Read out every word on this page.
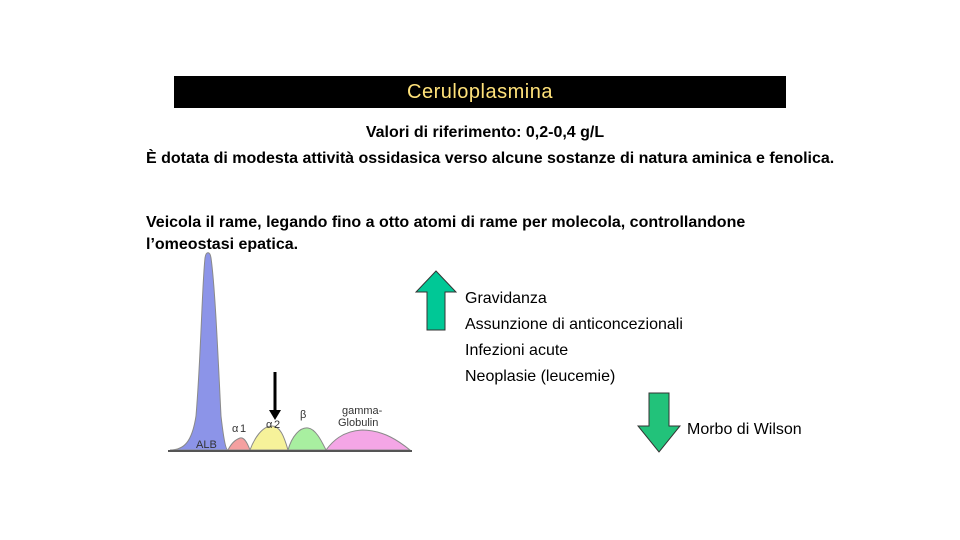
Ceruloplasmina
Valori di riferimento: 0,2-0,4 g/L
È dotata di modesta attività ossidasica verso alcune sostanze di natura aminica e fenolica.
Veicola il rame, legando fino a otto atomi di rame per molecola, controllandone l’omeostasi epatica.
ALB
α 1 α 2
β	gamma-
Globulin
Gravidanza
Assunzione di anticoncezionali
Infezioni acute
Neoplasie (leucemie)
Morbo di Wilson
